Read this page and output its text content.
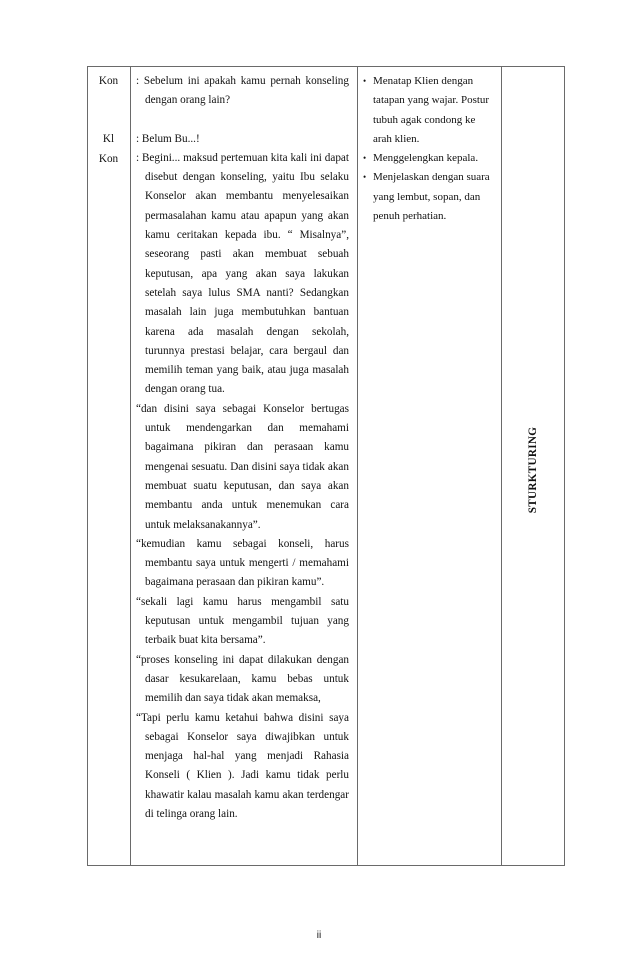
Kon
Kl
Kon

: Sebelum ini apakah kamu pernah konseling dengan orang lain?

: Belum Bu...!

: Begini... maksud pertemuan kita kali ini dapat disebut dengan konseling, yaitu Ibu selaku Konselor akan membantu menyelesaikan permasalahan kamu atau apapun yang akan kamu ceritakan kepada ibu. “ Misalnya”, seseorang pasti akan membuat sebuah keputusan, apa yang akan saya lakukan setelah saya lulus SMA nanti? Sedangkan masalah lain juga membutuhkan bantuan karena ada masalah dengan sekolah, turunnya prestasi belajar, cara bergaul dan memilih teman yang baik, atau juga masalah dengan orang tua.

“dan disini saya sebagai Konselor bertugas untuk mendengarkan dan memahami bagaimana pikiran dan perasaan kamu mengenai sesuatu. Dan disini saya tidak akan membuat suatu keputusan, dan saya akan membantu anda untuk menemukan cara untuk melaksanakannya”.

“kemudian kamu sebagai konseli, harus membantu saya untuk mengerti / memahami bagaimana perasaan dan pikiran kamu”.

“sekali lagi kamu harus mengambil satu keputusan untuk mengambil tujuan yang terbaik buat kita bersama”.

“proses konseling ini dapat dilakukan dengan dasar kesukarelaan, kamu bebas untuk memilih dan saya tidak akan memaksa,

“Tapi perlu kamu ketahui bahwa disini saya sebagai Konselor saya diwajibkan untuk menjaga hal-hal yang menjadi Rahasia Konseli ( Klien ). Jadi kamu tidak perlu khawatir kalau masalah kamu akan terdengar di telinga orang lain.

• Menatap Klien dengan tatapan yang wajar. Postur tubuh agak condong ke arah klien.

• Menggelengkan kepala.

• Menjelaskan dengan suara yang lembut, sopan, dan penuh perhatian.

STURKTURING
ii
